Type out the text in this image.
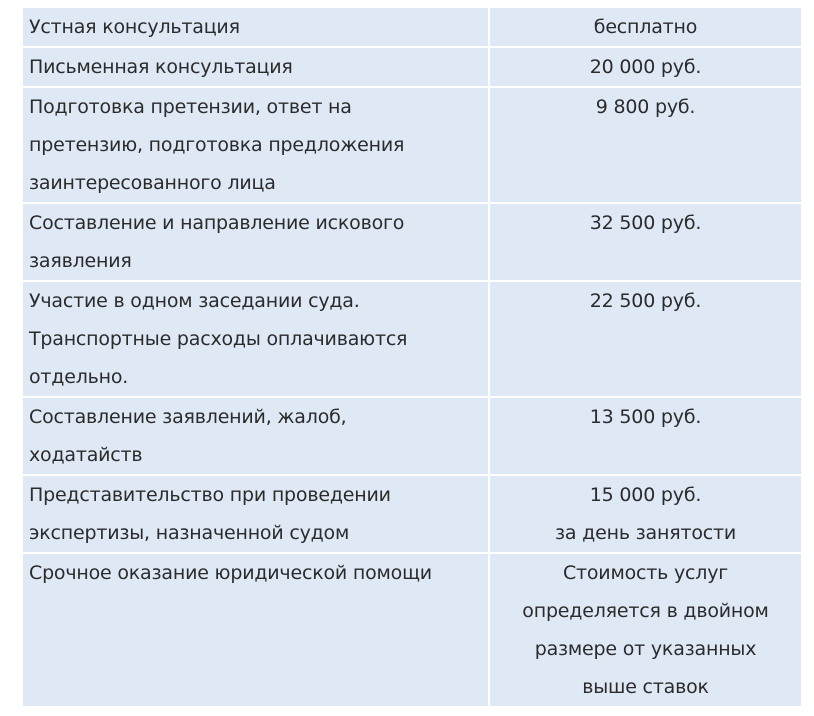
Устная консультация	бесплатно

Письменная консультация	20 000 руб.

Подготовка претензии, ответ на
претензию, подготовка предложения
заинтересованного лица	9 800 руб.

Составление и направление искового
заявления	32 500 руб.

Участие в одном заседании суда.
Транспортные расходы оплачиваются
отдельно.	22 500 руб.

Составление заявлений, жалоб,
ходатайств	13 500 руб.

Представительство при проведении
экспертизы, назначенной судом	15 000 руб.
за день занятости

Срочное оказание юридической помощи	Стоимость услуг
определяется в двойном
размере от указанных
выше ставок
